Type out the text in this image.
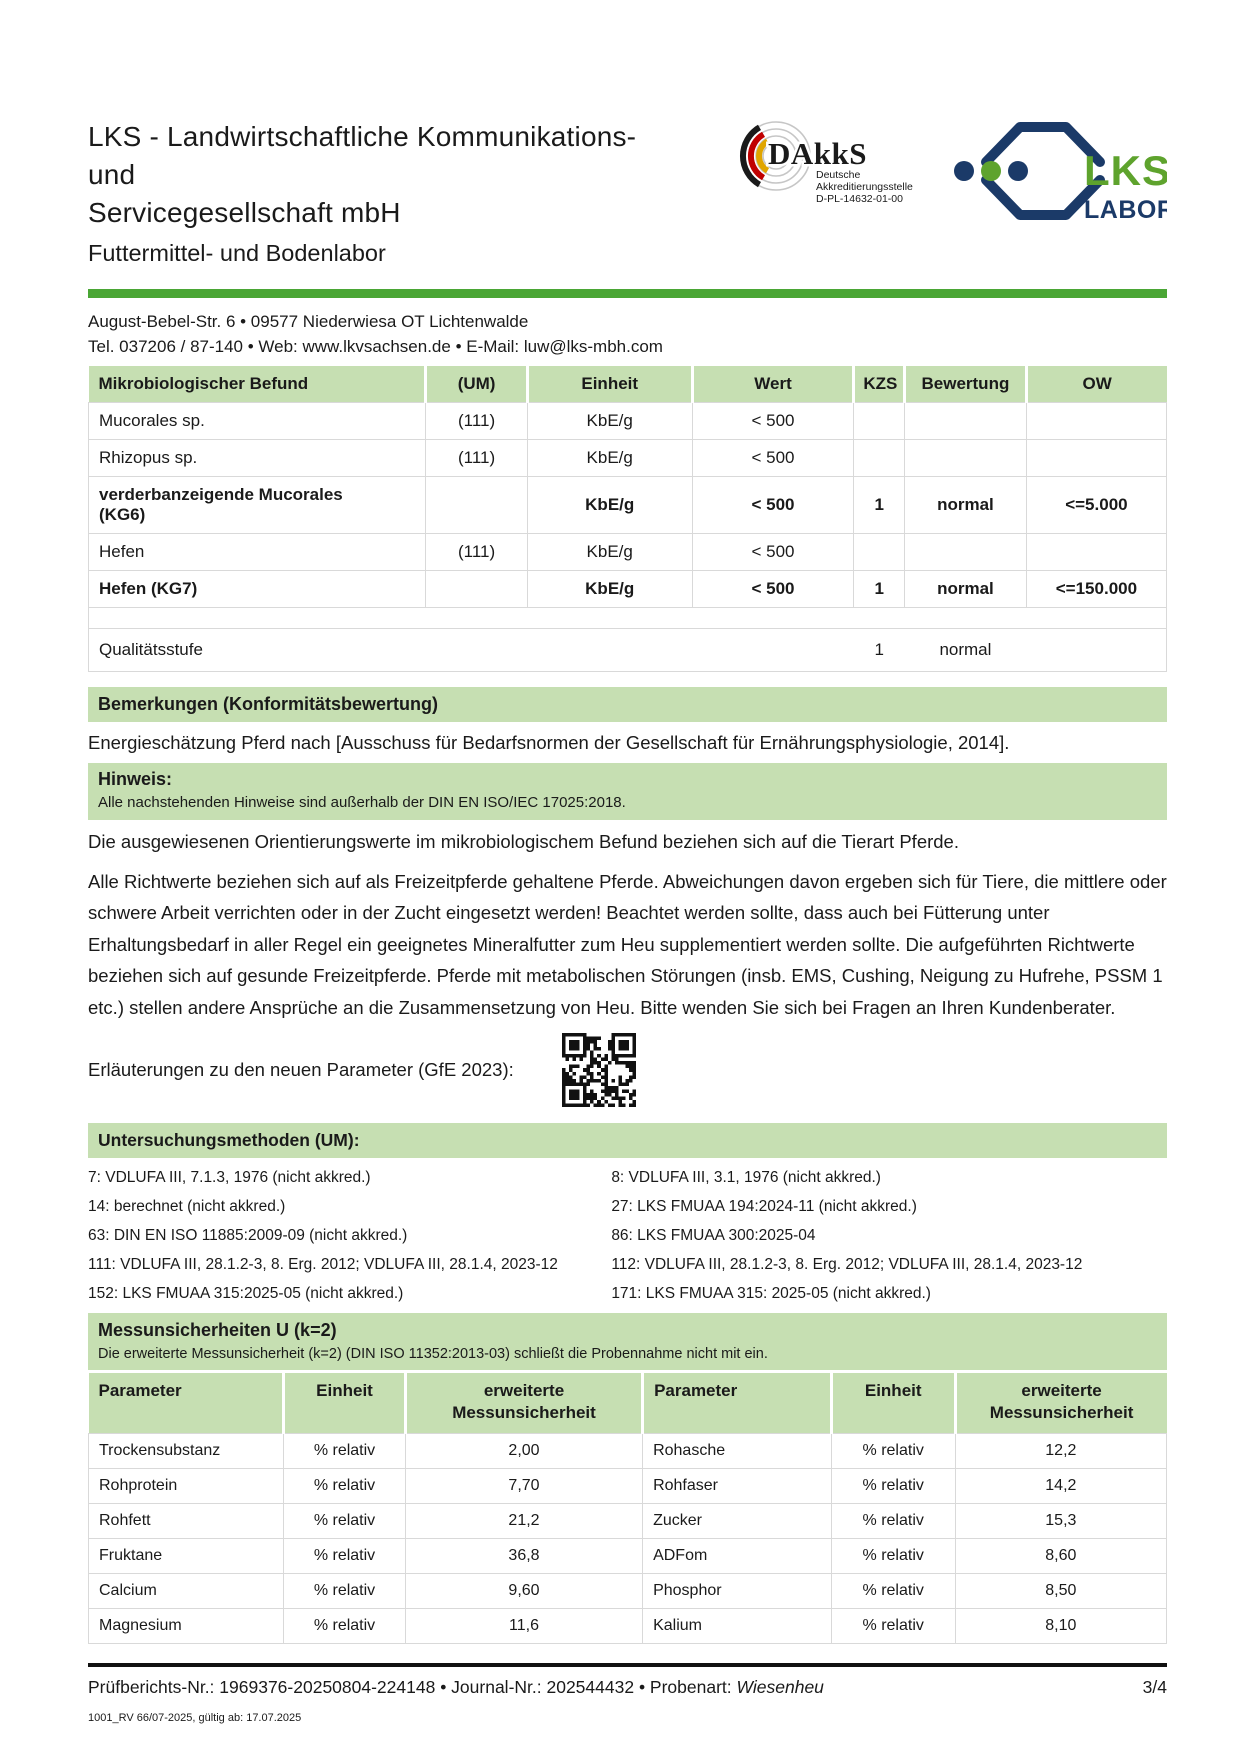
LKS - Landwirtschaftliche Kommunikations- und
Servicegesellschaft mbH
Futtermittel- und Bodenlabor
DAkkS
Deutsche
Akkreditierungsstelle
D-PL-14632-01-00
LKS
LABOR
August-Bebel-Str. 6 • 09577 Niederwiesa OT Lichtenwalde
Tel. 037206 / 87-140 • Web: www.lkvsachsen.de • E-Mail: luw@lks-mbh.com
Mikrobiologischer Befund	(UM)	Einheit	Wert	KZS	Bewertung	OW
Mucorales sp.	(111)	KbE/g	< 500			
Rhizopus sp.	(111)	KbE/g	< 500			
verderbanzeigende Mucorales (KG6)		KbE/g	< 500	1	normal	<=5.000
Hefen	(111)	KbE/g	< 500			
Hefen (KG7)		KbE/g	< 500	1	normal	<=150.000

Qualitätsstufe				1	normal	
Bemerkungen (Konformitätsbewertung)
Energieschätzung Pferd nach [Ausschuss für Bedarfsnormen der Gesellschaft für Ernährungsphysiologie, 2014].
Hinweis:
Alle nachstehenden Hinweise sind außerhalb der DIN EN ISO/IEC 17025:2018.
Die ausgewiesenen Orientierungswerte im mikrobiologischem Befund beziehen sich auf die Tierart Pferde.
Alle Richtwerte beziehen sich auf als Freizeitpferde gehaltene Pferde. Abweichungen davon ergeben sich für Tiere, die mittlere oder schwere Arbeit verrichten oder in der Zucht eingesetzt werden! Beachtet werden sollte, dass auch bei Fütterung unter Erhaltungsbedarf in aller Regel ein geeignetes Mineralfutter zum Heu supplementiert werden sollte. Die aufgeführten Richtwerte beziehen sich auf gesunde Freizeitpferde. Pferde mit metabolischen Störungen (insb. EMS, Cushing, Neigung zu Hufrehe, PSSM 1 etc.) stellen andere Ansprüche an die Zusammensetzung von Heu. Bitte wenden Sie sich bei Fragen an Ihren Kundenberater.
Erläuterungen zu den neuen Parameter (GfE 2023):
Untersuchungsmethoden (UM):
7: VDLUFA III, 7.1.3, 1976 (nicht akkred.)
14: berechnet (nicht akkred.)
63: DIN EN ISO 11885:2009-09 (nicht akkred.)
111: VDLUFA III, 28.1.2-3, 8. Erg. 2012; VDLUFA III, 28.1.4, 2023-12
152: LKS FMUAA 315:2025-05 (nicht akkred.)
8: VDLUFA III, 3.1, 1976 (nicht akkred.)
27: LKS FMUAA 194:2024-11 (nicht akkred.)
86: LKS FMUAA 300:2025-04
112: VDLUFA III, 28.1.2-3, 8. Erg. 2012; VDLUFA III, 28.1.4, 2023-12
171: LKS FMUAA 315: 2025-05 (nicht akkred.)
Messunsicherheiten U (k=2)
Die erweiterte Messunsicherheit (k=2) (DIN ISO 11352:2013-03) schließt die Probennahme nicht mit ein.
Parameter	Einheit	erweiterte Messunsicherheit	Parameter	Einheit	erweiterte Messunsicherheit
Trockensubstanz	% relativ	2,00	Rohasche	% relativ	12,2
Rohprotein	% relativ	7,70	Rohfaser	% relativ	14,2
Rohfett	% relativ	21,2	Zucker	% relativ	15,3
Fruktane	% relativ	36,8	ADFom	% relativ	8,60
Calcium	% relativ	9,60	Phosphor	% relativ	8,50
Magnesium	% relativ	11,6	Kalium	% relativ	8,10
Prüfberichts-Nr.: 1969376-20250804-224148 • Journal-Nr.: 202544432 • Probenart: Wiesenheu	3/4
1001_RV 66/07-2025, gültig ab: 17.07.2025
